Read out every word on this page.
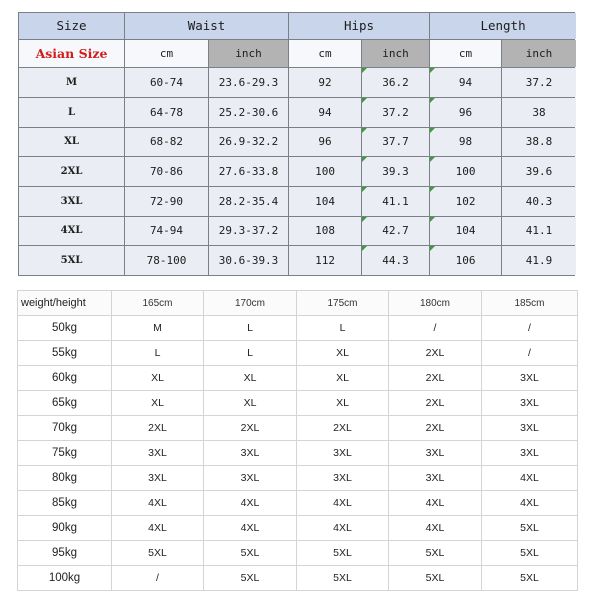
Size	Waist		Hips		Length	
Asian Size	cm	inch	cm	inch	cm	inch
M	60-74	23.6-29.3	92	36.2	94	37.2
L	64-78	25.2-30.6	94	37.2	96	38
XL	68-82	26.9-32.2	96	37.7	98	38.8
2XL	70-86	27.6-33.8	100	39.3	100	39.6
3XL	72-90	28.2-35.4	104	41.1	102	40.3
4XL	74-94	29.3-37.2	108	42.7	104	41.1
5XL	78-100	30.6-39.3	112	44.3	106	41.9
weight/height	165cm	170cm	175cm	180cm	185cm
50kg	M	L	L	/	/
55kg	L	L	XL	2XL	/
60kg	XL	XL	XL	2XL	3XL
65kg	XL	XL	XL	2XL	3XL
70kg	2XL	2XL	2XL	2XL	3XL
75kg	3XL	3XL	3XL	3XL	3XL
80kg	3XL	3XL	3XL	3XL	4XL
85kg	4XL	4XL	4XL	4XL	4XL
90kg	4XL	4XL	4XL	4XL	5XL
95kg	5XL	5XL	5XL	5XL	5XL
100kg	/	5XL	5XL	5XL	5XL
